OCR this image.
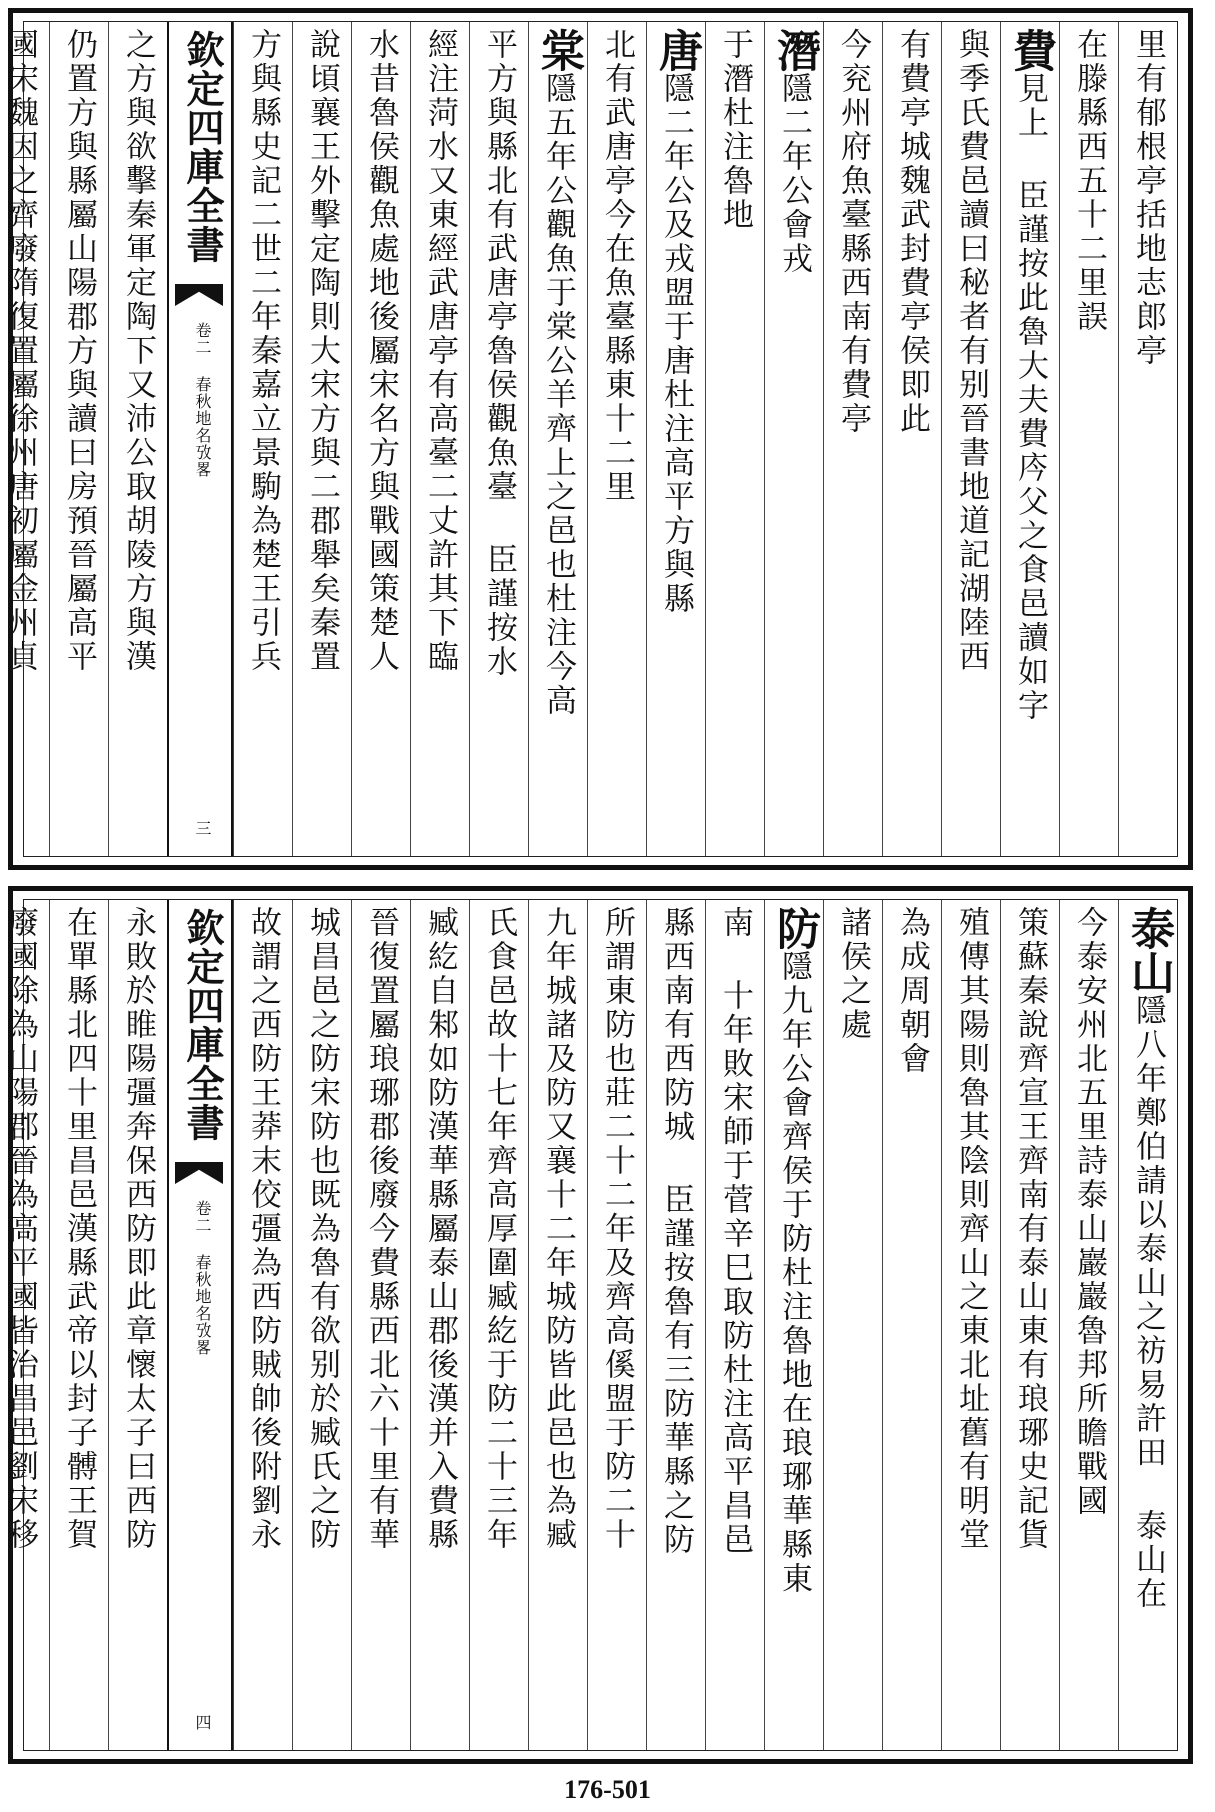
里有郁根亭括地志郎亭
在滕縣西五十二里誤
費見上 臣謹按此魯大夫費庈父之食邑讀如字
與季氏費邑讀曰秘者有别晉書地道記湖陸西
有費亭城魏武封費亭侯即此
今兖州府魚臺縣西南有費亭
潛隱二年公會戎
于潛杜注魯地
唐隱二年公及戎盟于唐杜注高平方與縣
北有武唐亭今在魚臺縣東十二里
棠隱五年公觀魚于棠公羊齊上之邑也杜注今高
平方與縣北有武唐亭魯侯觀魚臺 臣謹按水
經注菏水又東經武唐亭有高臺二丈許其下臨
水昔魯侯觀魚處地後屬宋名方與戰國策楚人
說頃襄王外擊定陶則大宋方與二郡舉矣秦置
方與縣史記二世二年秦嘉立景駒為楚王引兵
欽定四庫全書
卷二 春秋地名攷畧
三
之方與欲擊秦軍定陶下又沛公取胡陵方與漢
仍置方與縣屬山陽郡方與讀曰房預晉屬高平
國宋魏因之齊廢隋復置屬徐州唐初屬金州貞
泰山隱八年鄭伯請以泰山之祊易許田 泰山在
今泰安州北五里詩泰山巖巖魯邦所瞻戰國
策蘇秦說齊宣王齊南有泰山東有琅琊史記貨
殖傳其陽則魯其陰則齊山之東北址舊有明堂
為成周朝會
諸侯之處
防隱九年公會齊侯于防杜注魯地在琅琊華縣東
南 十年敗宋師于菅辛巳取防杜注高平昌邑
縣西南有西防城 臣謹按魯有三防華縣之防
所謂東防也莊二十二年及齊高傒盟于防二十
九年城諸及防又襄十二年城防皆此邑也為臧
氏食邑故十七年齊高厚圍臧紇于防二十三年
臧紇自邾如防漢華縣屬泰山郡後漢并入費縣
晉復置屬琅琊郡後廢今費縣西北六十里有華
城昌邑之防宋防也既為魯有欲别於臧氏之防
故謂之西防王莽末佼彊為西防賊帥後附劉永
欽定四庫全書
卷二 春秋地名攷畧
四
永敗於睢陽彊奔保西防即此章懷太子曰西防
在單縣北四十里昌邑漢縣武帝以封子髆王賀
廢國除為山陽郡晉為高平國皆治昌邑劉宋移
176-501
